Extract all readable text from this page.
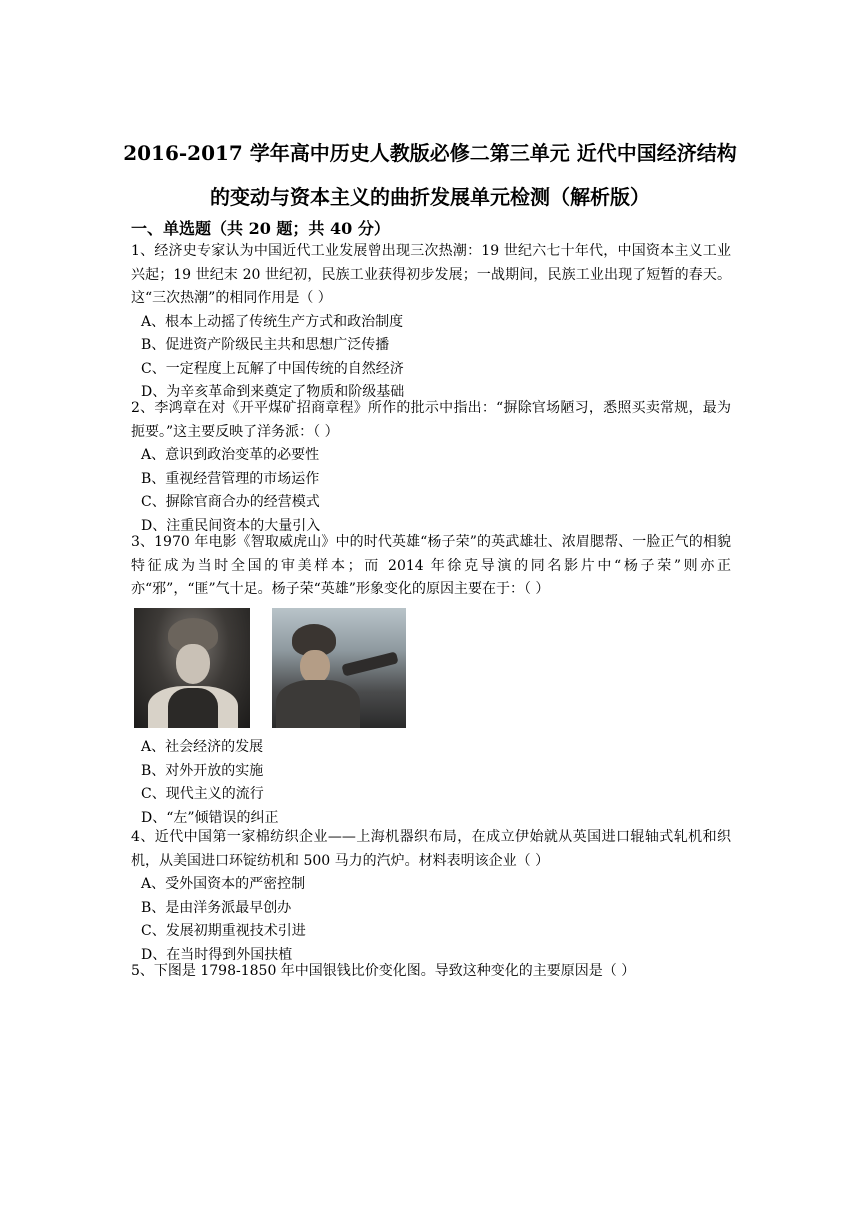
2016-2017 学年高中历史人教版必修二第三单元 近代中国经济结构
的变动与资本主义的曲折发展单元检测（解析版）
一、单选题（共 20 题；共 40 分）

1、经济史专家认为中国近代工业发展曾出现三次热潮：19 世纪六七十年代，中国资本主义工业兴起；19 世纪末 20 世纪初，民族工业获得初步发展；一战期间，民族工业出现了短暂的春天。这“三次热潮”的相同作用是（ ）

A、根本上动摇了传统生产方式和政治制度

B、促进资产阶级民主共和思想广泛传播

C、一定程度上瓦解了中国传统的自然经济

D、为辛亥革命到来奠定了物质和阶级基础

2、李鸿章在对《开平煤矿招商章程》所作的批示中指出：“摒除官场陋习，悉照买卖常规，最为扼要。”这主要反映了洋务派：（ ）

A、意识到政治变革的必要性

B、重视经营管理的市场运作

C、摒除官商合办的经营模式

D、注重民间资本的大量引入

3、1970 年电影《智取威虎山》中的时代英雄“杨子荣”的英武雄壮、浓眉腮帮、一脸正气的相貌特征成为当时全国的审美样本；而 2014 年徐克导演的同名影片中“杨子荣”则亦正亦“邪”，“匪”气十足。杨子荣“英雄”形象变化的原因主要在于：（ ）

A、社会经济的发展

B、对外开放的实施

C、现代主义的流行

D、“左”倾错误的纠正

4、近代中国第一家棉纺织企业——上海机器织布局，在成立伊始就从英国进口辊轴式轧机和织机，从美国进口环锭纺机和 500 马力的汽炉。材料表明该企业（ ）

A、受外国资本的严密控制

B、是由洋务派最早创办

C、发展初期重视技术引进

D、在当时得到外国扶植

5、下图是 1798-1850 年中国银钱比价变化图。导致这种变化的主要原因是（ ）
